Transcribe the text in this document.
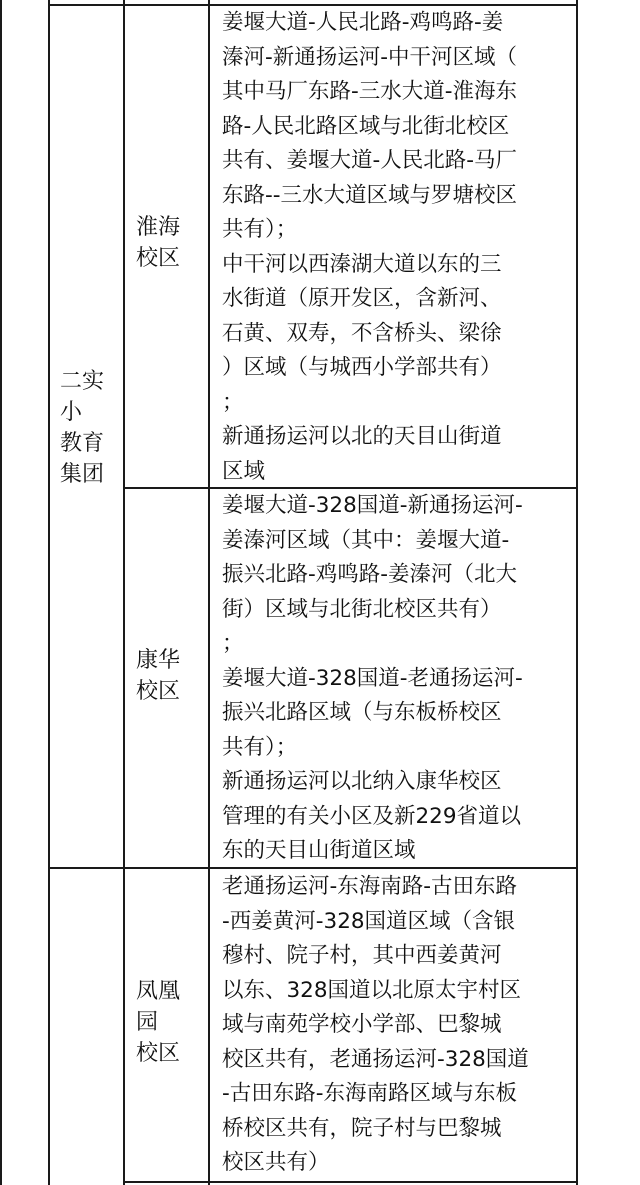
二实
小
教育
集团
淮海
校区
姜堰大道-人民北路-鸡鸣路-姜
溱河-新通扬运河-中干河区域（
其中马厂东路-三水大道-淮海东
路-人民北路区域与北街北校区
共有、姜堰大道-人民北路-马厂
东路--三水大道区域与罗塘校区
共有）；
中干河以西溱湖大道以东的三
水街道（原开发区，含新河、
石黄、双寿，不含桥头、梁徐
）区域（与城西小学部共有）
；
新通扬运河以北的天目山街道
区域
康华
校区
姜堰大道-328国道-新通扬运河-
姜溱河区域（其中：姜堰大道-
振兴北路-鸡鸣路-姜溱河（北大
街）区域与北街北校区共有）
；
姜堰大道-328国道-老通扬运河-
振兴北路区域（与东板桥校区
共有）；
新通扬运河以北纳入康华校区
管理的有关小区及新229省道以
东的天目山街道区域
凤凰
园
校区
老通扬运河-东海南路-古田东路
-西姜黄河-328国道区域（含银
穆村、院子村，其中西姜黄河
以东、328国道以北原太宇村区
域与南苑学校小学部、巴黎城
校区共有，老通扬运河-328国道
-古田东路-东海南路区域与东板
桥校区共有，院子村与巴黎城
校区共有）
